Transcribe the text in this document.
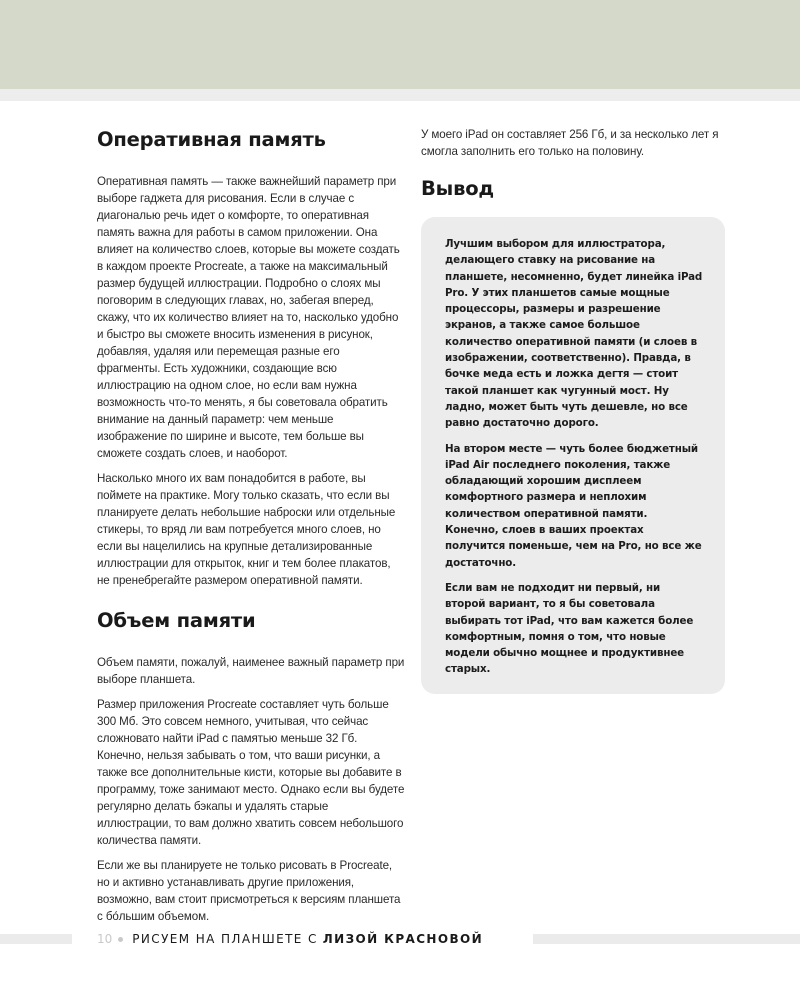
Оперативная память

Оперативная память — также важнейший параметр при выборе гаджета для рисования. Если в случае с диагональю речь идет о комфорте, то оперативная память важна для работы в самом приложении. Она влияет на количество слоев, которые вы можете создать в каждом проекте Procreate, а также на максимальный размер будущей иллюстрации. Подробно о слоях мы поговорим в следующих главах, но, забегая вперед, скажу, что их количество влияет на то, насколько удобно и быстро вы сможете вносить изменения в рисунок, добавляя, удаляя или перемещая разные его фрагменты. Есть художники, создающие всю иллюстрацию на одном слое, но если вам нужна возможность что-то менять, я бы советовала обратить внимание на данный параметр: чем меньше изображение по ширине и высоте, тем больше вы сможете создать слоев, и наоборот.

Насколько много их вам понадобится в работе, вы поймете на практике. Могу только сказать, что если вы планируете делать небольшие наброски или отдельные стикеры, то вряд ли вам потребуется много слоев, но если вы нацелились на крупные детализированные иллюстрации для открыток, книг и тем более плакатов, не пренебрегайте размером оперативной памяти.

Объем памяти

Объем памяти, пожалуй, наименее важный параметр при выборе планшета.

Размер приложения Procreate составляет чуть больше 300 Мб. Это совсем немного, учитывая, что сейчас сложновато найти iPad с памятью меньше 32 Гб. Конечно, нельзя забывать о том, что ваши рисунки, а также все дополнительные кисти, которые вы добавите в программу, тоже занимают место. Однако если вы будете регулярно делать бэкапы и удалять старые иллюстрации, то вам должно хватить совсем небольшого количества памяти.

Если же вы планируете не только рисовать в Procreate, но и активно устанавливать другие приложения, возможно, вам стоит присмотреться к версиям планшета с бо́льшим объемом.

У моего iPad он составляет 256 Гб, и за несколько лет я смогла заполнить его только на половину.

Вывод

Лучшим выбором для иллюстратора, делающего ставку на рисование на планшете, несомненно, будет линейка iPad Pro. У этих планшетов самые мощные процессоры, размеры и разрешение экранов, а также самое большое количество оперативной памяти (и слоев в изображении, соответственно). Правда, в бочке меда есть и ложка дегтя — стоит такой планшет как чугунный мост. Ну ладно, может быть чуть дешевле, но все равно достаточно дорого.

На втором месте — чуть более бюджетный iPad Air последнего поколения, также обладающий хорошим дисплеем комфортного размера и неплохим количеством оперативной памяти. Конечно, слоев в ваших проектах получится поменьше, чем на Pro, но все же достаточно.

Если вам не подходит ни первый, ни второй вариант, то я бы советовала выбирать тот iPad, что вам кажется более комфортным, помня о том, что новые модели обычно мощнее и продуктивнее старых.

10 РИСУЕМ НА ПЛАНШЕТЕ С ЛИЗОЙ КРАСНОВОЙ
